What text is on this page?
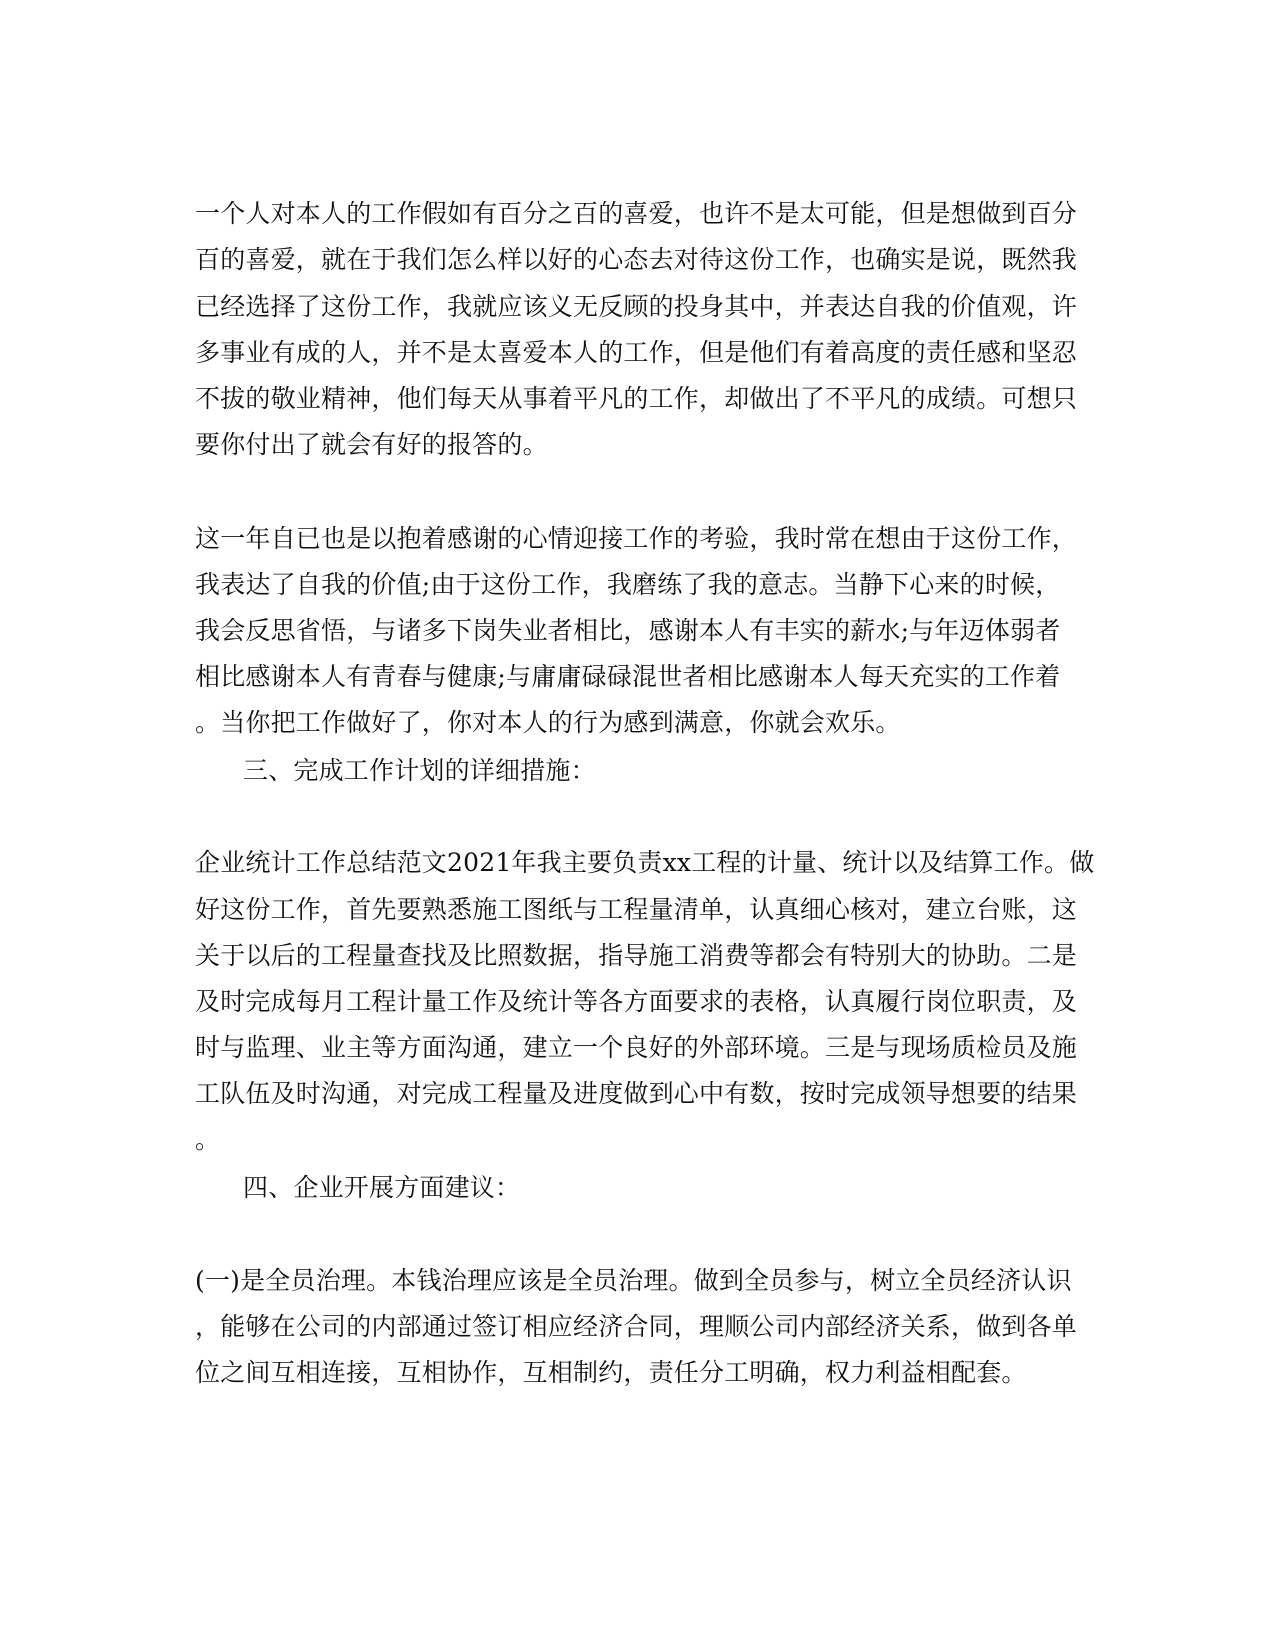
一个人对本人的工作假如有百分之百的喜爱，也许不是太可能，但是想做到百分
百的喜爱，就在于我们怎么样以好的心态去对待这份工作，也确实是说，既然我
已经选择了这份工作，我就应该义无反顾的投身其中，并表达自我的价值观，许
多事业有成的人，并不是太喜爱本人的工作，但是他们有着高度的责任感和坚忍
不拔的敬业精神，他们每天从事着平凡的工作，却做出了不平凡的成绩。可想只
要你付出了就会有好的报答的。
这一年自已也是以抱着感谢的心情迎接工作的考验，我时常在想由于这份工作，
我表达了自我的价值;由于这份工作，我磨练了我的意志。当静下心来的时候，
我会反思省悟，与诸多下岗失业者相比，感谢本人有丰实的薪水;与年迈体弱者
相比感谢本人有青春与健康;与庸庸碌碌混世者相比感谢本人每天充实的工作着
。当你把工作做好了，你对本人的行为感到满意，你就会欢乐。
三、完成工作计划的详细措施：
企业统计工作总结范文2021年我主要负责xx工程的计量、统计以及结算工作。做
好这份工作，首先要熟悉施工图纸与工程量清单，认真细心核对，建立台账，这
关于以后的工程量查找及比照数据，指导施工消费等都会有特别大的协助。二是
及时完成每月工程计量工作及统计等各方面要求的表格，认真履行岗位职责，及
时与监理、业主等方面沟通，建立一个良好的外部环境。三是与现场质检员及施
工队伍及时沟通，对完成工程量及进度做到心中有数，按时完成领导想要的结果
。
四、企业开展方面建议：
(一)是全员治理。本钱治理应该是全员治理。做到全员参与，树立全员经济认识
，能够在公司的内部通过签订相应经济合同，理顺公司内部经济关系，做到各单
位之间互相连接，互相协作，互相制约，责任分工明确，权力利益相配套。
